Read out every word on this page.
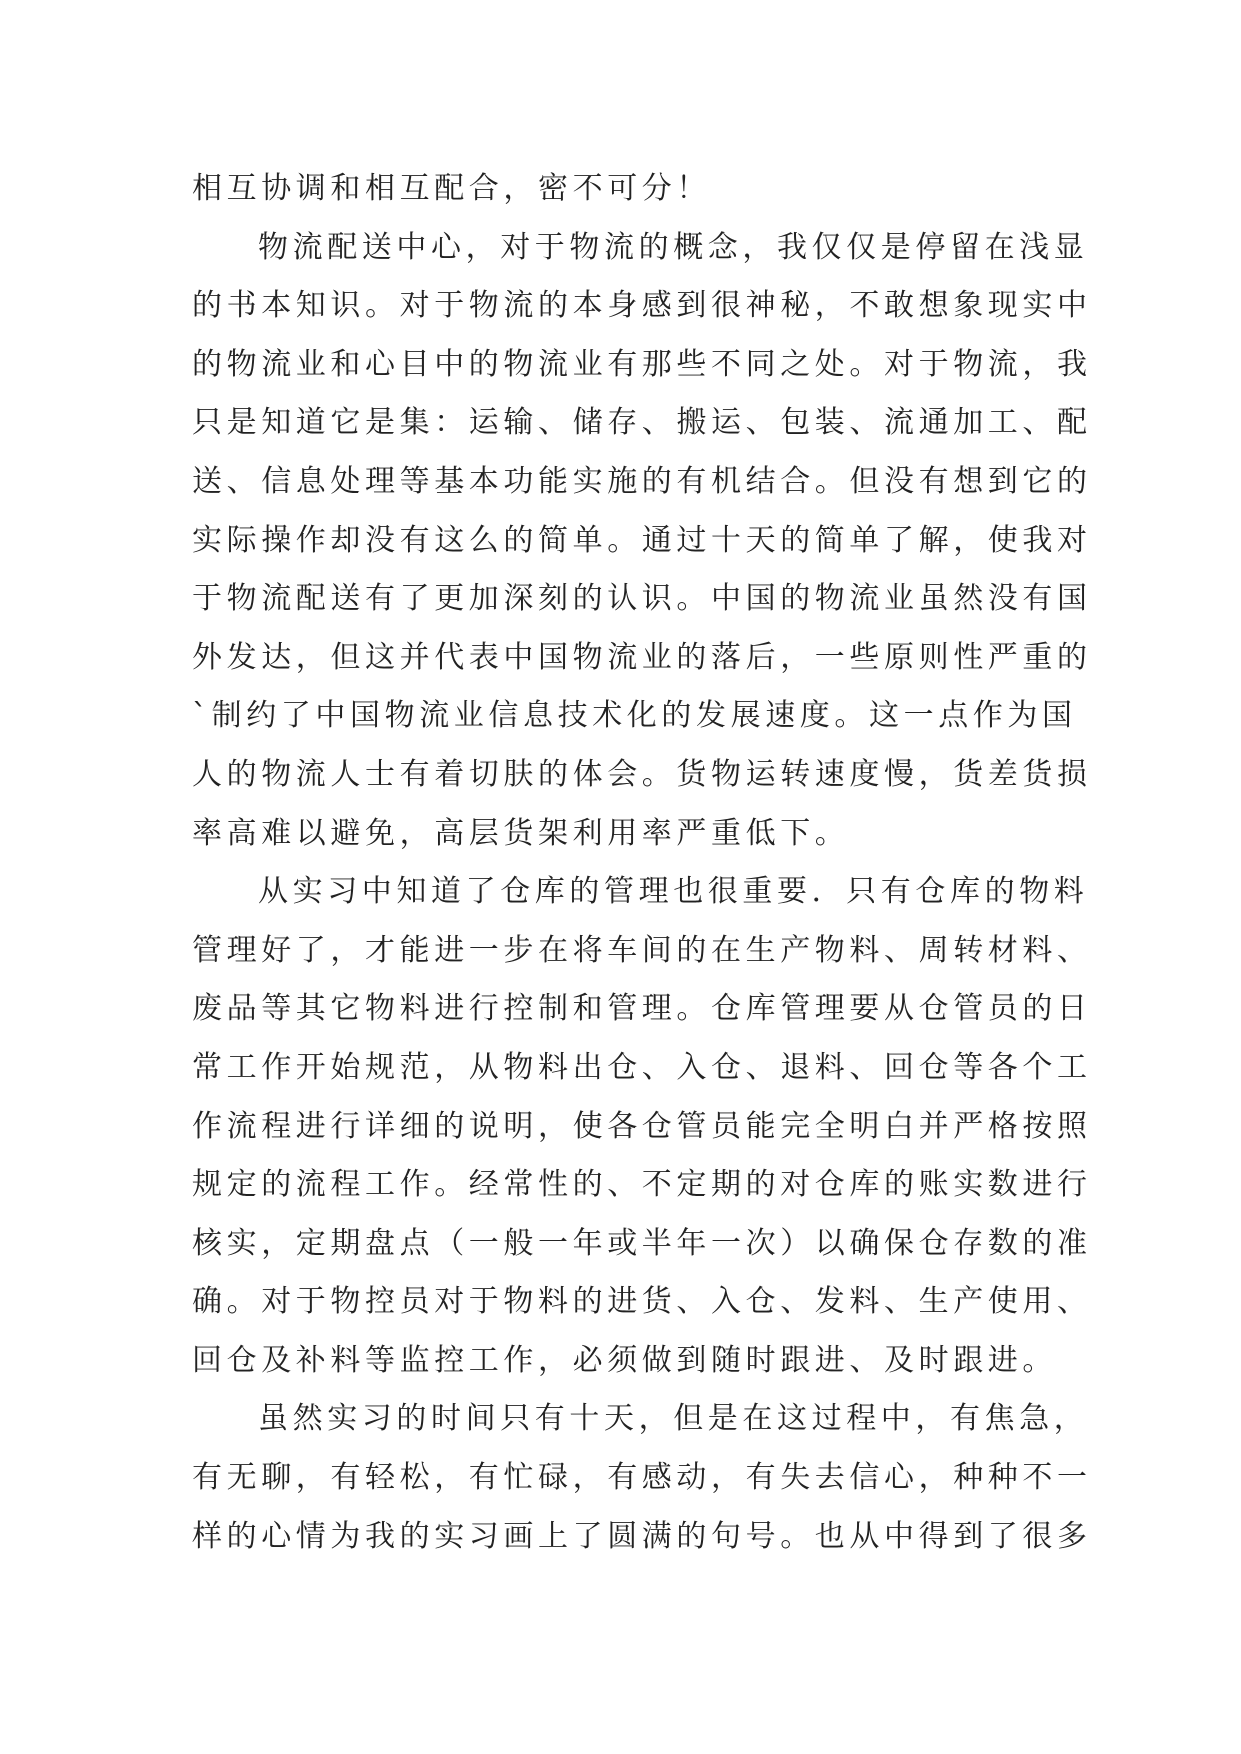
相互协调和相互配合，密不可分！
物流配送中心，对于物流的概念，我仅仅是停留在浅显
的书本知识。对于物流的本身感到很神秘，不敢想象现实中
的物流业和心目中的物流业有那些不同之处。对于物流，我
只是知道它是集：运输、储存、搬运、包装、流通加工、配
送、信息处理等基本功能实施的有机结合。但没有想到它的
实际操作却没有这么的简单。通过十天的简单了解，使我对
于物流配送有了更加深刻的认识。中国的物流业虽然没有国
外发达，但这并代表中国物流业的落后，一些原则性严重的
`制约了中国物流业信息技术化的发展速度。这一点作为国
人的物流人士有着切肤的体会。货物运转速度慢，货差货损
率高难以避免，高层货架利用率严重低下。
从实习中知道了仓库的管理也很重要．只有仓库的物料
管理好了，才能进一步在将车间的在生产物料、周转材料、
废品等其它物料进行控制和管理。仓库管理要从仓管员的日
常工作开始规范，从物料出仓、入仓、退料、回仓等各个工
作流程进行详细的说明，使各仓管员能完全明白并严格按照
规定的流程工作。经常性的、不定期的对仓库的账实数进行
核实，定期盘点（一般一年或半年一次）以确保仓存数的准
确。对于物控员对于物料的进货、入仓、发料、生产使用、
回仓及补料等监控工作，必须做到随时跟进、及时跟进。
虽然实习的时间只有十天，但是在这过程中，有焦急，
有无聊，有轻松，有忙碌，有感动，有失去信心，种种不一
样的心情为我的实习画上了圆满的句号。也从中得到了很多
